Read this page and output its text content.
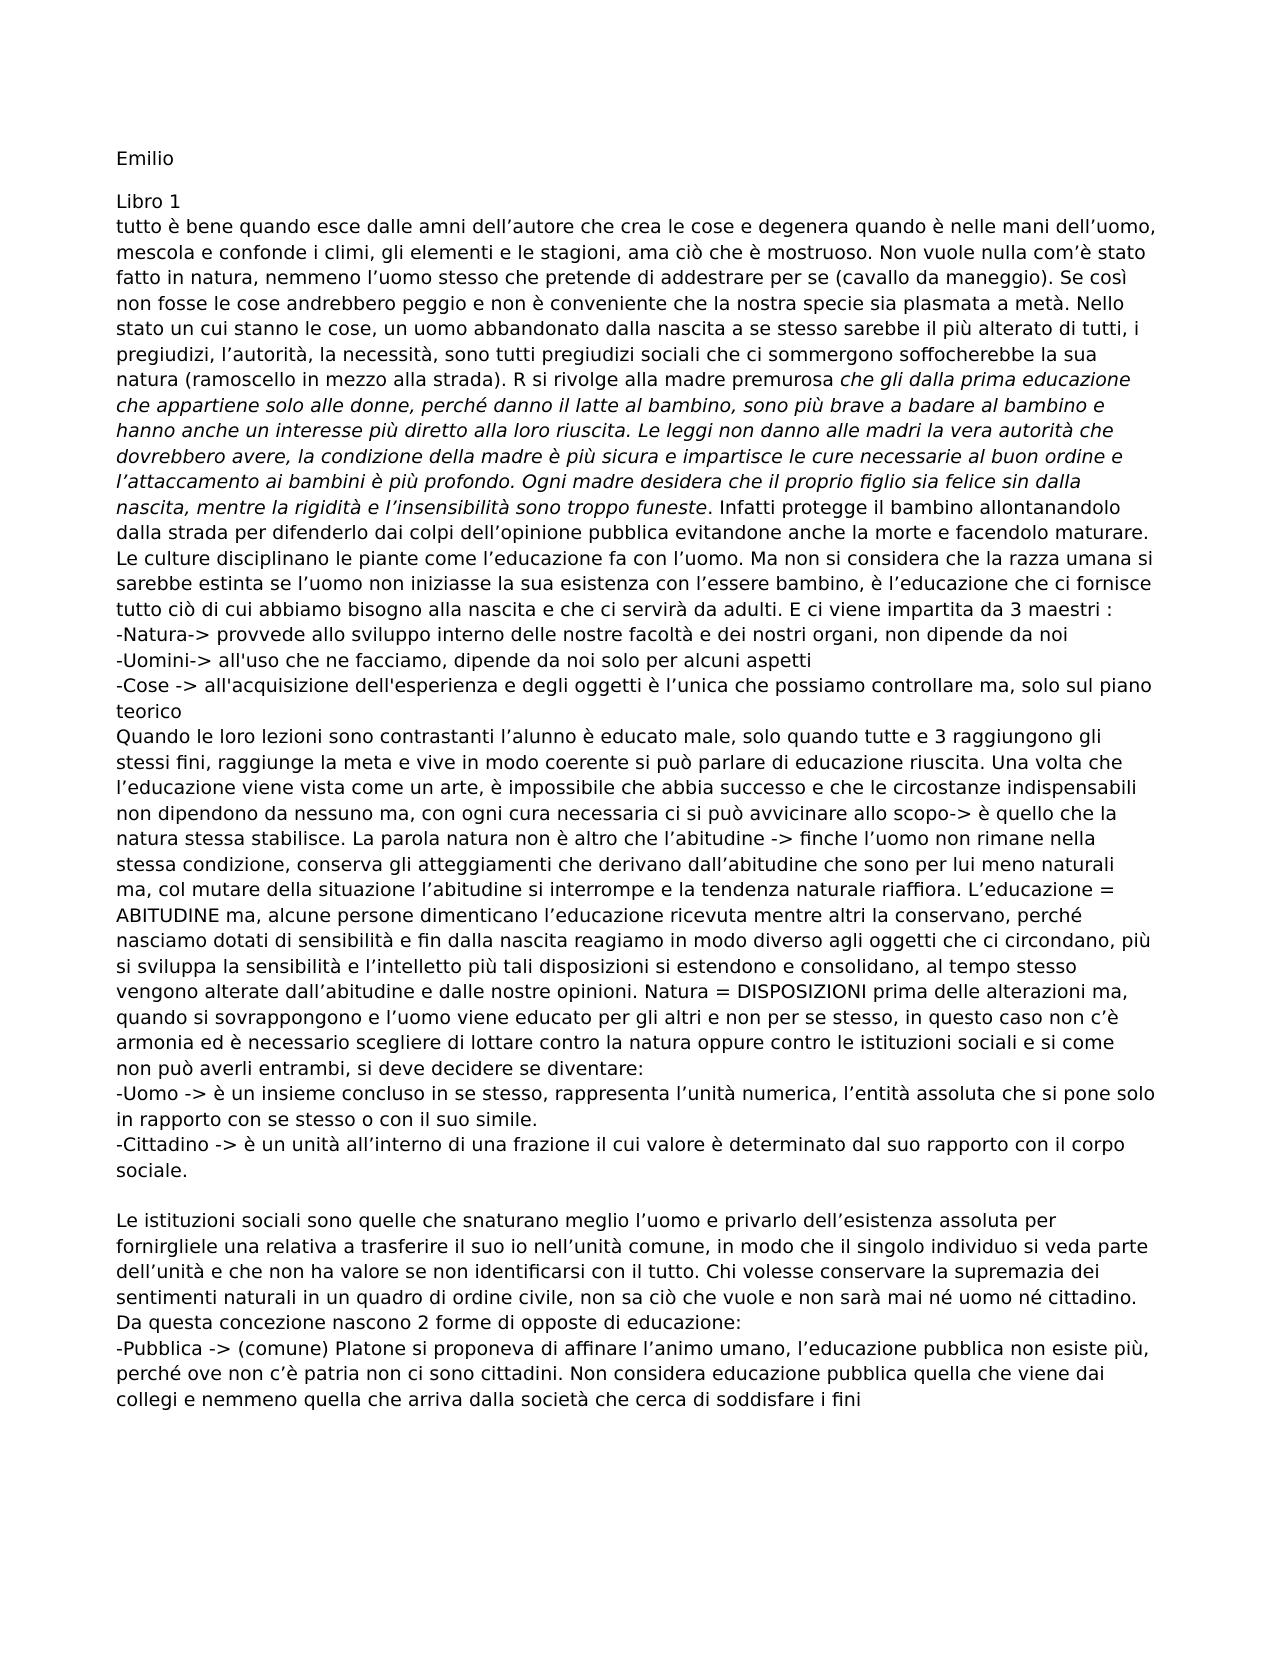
Emilio

Libro 1

tutto è bene quando esce dalle amni dell’autore che crea le cose e degenera quando è nelle mani dell’uomo, mescola e confonde i climi, gli elementi e le stagioni, ama ciò che è mostruoso. Non vuole nulla com’è stato fatto in natura, nemmeno l’uomo stesso che pretende di addestrare per se (cavallo da maneggio). Se così non fosse le cose andrebbero peggio e non è conveniente che la nostra specie sia plasmata a metà. Nello stato un cui stanno le cose, un uomo abbandonato dalla nascita a se stesso sarebbe il più alterato di tutti, i pregiudizi, l’autorità, la necessità, sono tutti pregiudizi sociali che ci sommergono soffocherebbe la sua natura (ramoscello in mezzo alla strada). R si rivolge alla madre premurosa che gli dalla prima educazione che appartiene solo alle donne, perché danno il latte al bambino, sono più brave a badare al bambino e hanno anche un interesse più diretto alla loro riuscita. Le leggi non danno alle madri la vera autorità che dovrebbero avere, la condizione della madre è più sicura e impartisce le cure necessarie al buon ordine e l’attaccamento ai bambini è più profondo. Ogni madre desidera che il proprio figlio sia felice sin dalla nascita, mentre la rigidità e l’insensibilità sono troppo funeste. Infatti protegge il bambino allontanandolo dalla strada per difenderlo dai colpi dell’opinione pubblica evitandone anche la morte e facendolo maturare. Le culture disciplinano le piante come l’educazione fa con l’uomo. Ma non si considera che la razza umana si sarebbe estinta se l’uomo non iniziasse la sua esistenza con l’essere bambino, è l’educazione che ci fornisce tutto ciò di cui abbiamo bisogno alla nascita e che ci servirà da adulti. E ci viene impartita da 3 maestri :

-Natura-> provvede allo sviluppo interno delle nostre facoltà e dei nostri organi, non dipende da noi

-Uomini-> all'uso che ne facciamo, dipende da noi solo per alcuni aspetti

-Cose -> all'acquisizione dell'esperienza e degli oggetti è l’unica che possiamo controllare ma, solo sul piano teorico

Quando le loro lezioni sono contrastanti l’alunno è educato male, solo quando tutte e 3 raggiungono gli stessi fini, raggiunge la meta e vive in modo coerente si può parlare di educazione riuscita. Una volta che l’educazione viene vista come un arte, è impossibile che abbia successo e che le circostanze indispensabili non dipendono da nessuno ma, con ogni cura necessaria ci si può avvicinare allo scopo-> è quello che la natura stessa stabilisce. La parola natura non è altro che l’abitudine -> finche l’uomo non rimane nella stessa condizione, conserva gli atteggiamenti che derivano dall’abitudine che sono per lui meno naturali ma, col mutare della situazione l’abitudine si interrompe e la tendenza naturale riaffiora. L’educazione = ABITUDINE ma, alcune persone dimenticano l’educazione ricevuta mentre altri la conservano, perché nasciamo dotati di sensibilità e fin dalla nascita reagiamo in modo diverso agli oggetti che ci circondano, più si sviluppa la sensibilità e l’intelletto più tali disposizioni si estendono e consolidano, al tempo stesso vengono alterate dall’abitudine e dalle nostre opinioni. Natura = DISPOSIZIONI prima delle alterazioni ma, quando si sovrappongono e l’uomo viene educato per gli altri e non per se stesso, in questo caso non c’è armonia ed è necessario scegliere di lottare contro la natura oppure contro le istituzioni sociali e si come non può averli entrambi, si deve decidere se diventare:

-Uomo -> è un insieme concluso in se stesso, rappresenta l’unità numerica, l’entità assoluta che si pone solo in rapporto con se stesso o con il suo simile.

-Cittadino -> è un unità all’interno di una frazione il cui valore è determinato dal suo rapporto con il corpo sociale.

Le istituzioni sociali sono quelle che snaturano meglio l’uomo e privarlo dell’esistenza assoluta per fornirgliele una relativa a trasferire il suo io nell’unità comune, in modo che il singolo individuo si veda parte dell’unità e che non ha valore se non identificarsi con il tutto. Chi volesse conservare la supremazia dei sentimenti naturali in un quadro di ordine civile, non sa ciò che vuole e non sarà mai né uomo né cittadino. Da questa concezione nascono 2 forme di opposte di educazione:

-Pubblica -> (comune) Platone si proponeva di affinare l’animo umano, l’educazione pubblica non esiste più, perché ove non c’è patria non ci sono cittadini. Non considera educazione pubblica quella che viene dai collegi e nemmeno quella che arriva dalla società che cerca di soddisfare i fini
